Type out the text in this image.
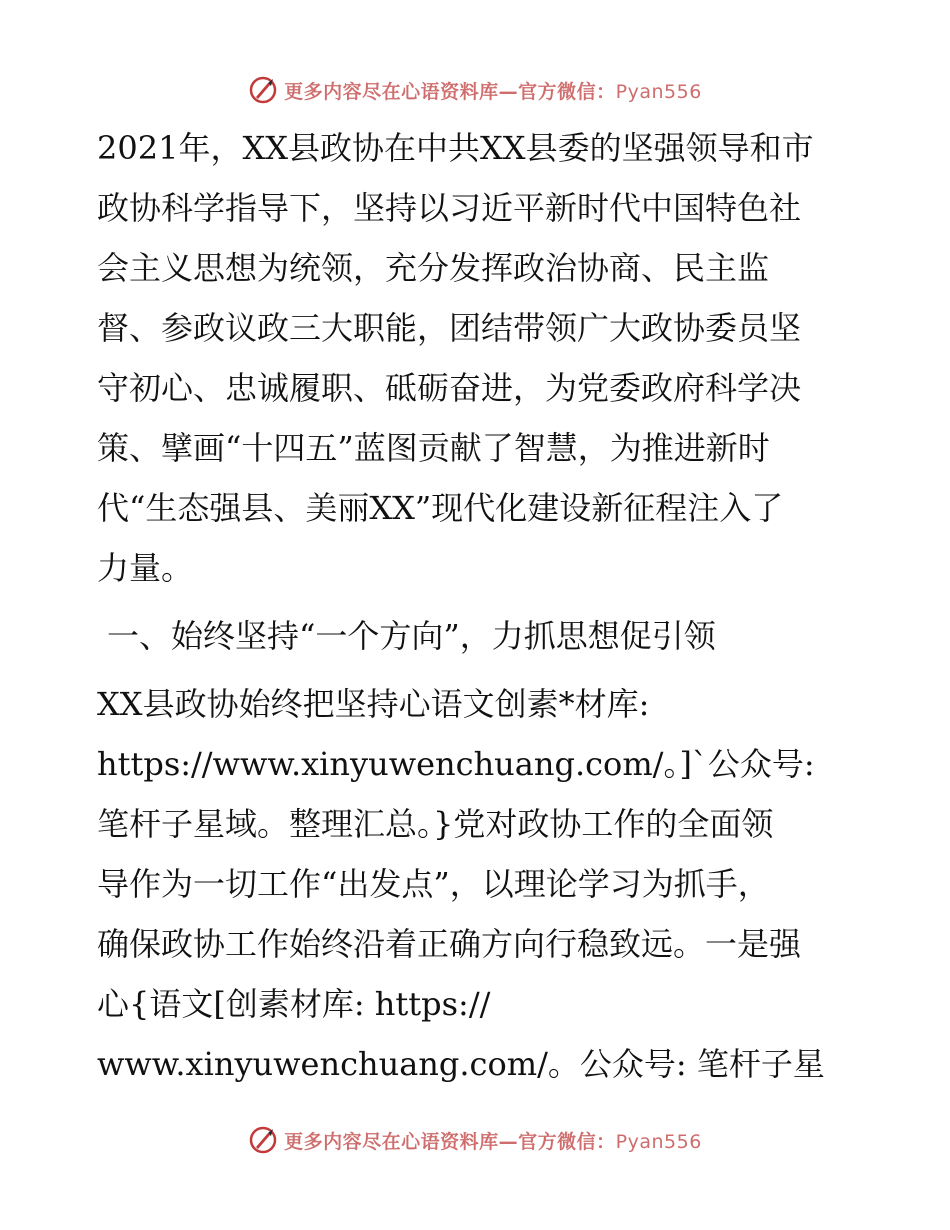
更多内容尽在心语资料库—官方微信：Pyan556

2021年，XX县政协在中共XX县委的坚强领导和市
政协科学指导下，坚持以习近平新时代中国特色社
会主义思想为统领，充分发挥政治协商、民主监
督、参政议政三大职能，团结带领广大政协委员坚
守初心、忠诚履职、砥砺奋进，为党委政府科学决
策、擘画“十四五”蓝图贡献了智慧，为推进新时
代“生态强县、美丽XX”现代化建设新征程注入了
力量。

一、始终坚持“一个方向”，力抓思想促引领

XX县政协始终把坚持心语文创素*材库:
https://www.xinyuwenchuang.com/。]`公众号:
笔杆子星域。整理汇总。}党对政协工作的全面领
导作为一切工作“出发点”，以理论学习为抓手，
确保政协工作始终沿着正确方向行稳致远。一是强
心{语文[创素材库: https://
www.xinyuwenchuang.com/。公众号: 笔杆子星

更多内容尽在心语资料库—官方微信：Pyan556
